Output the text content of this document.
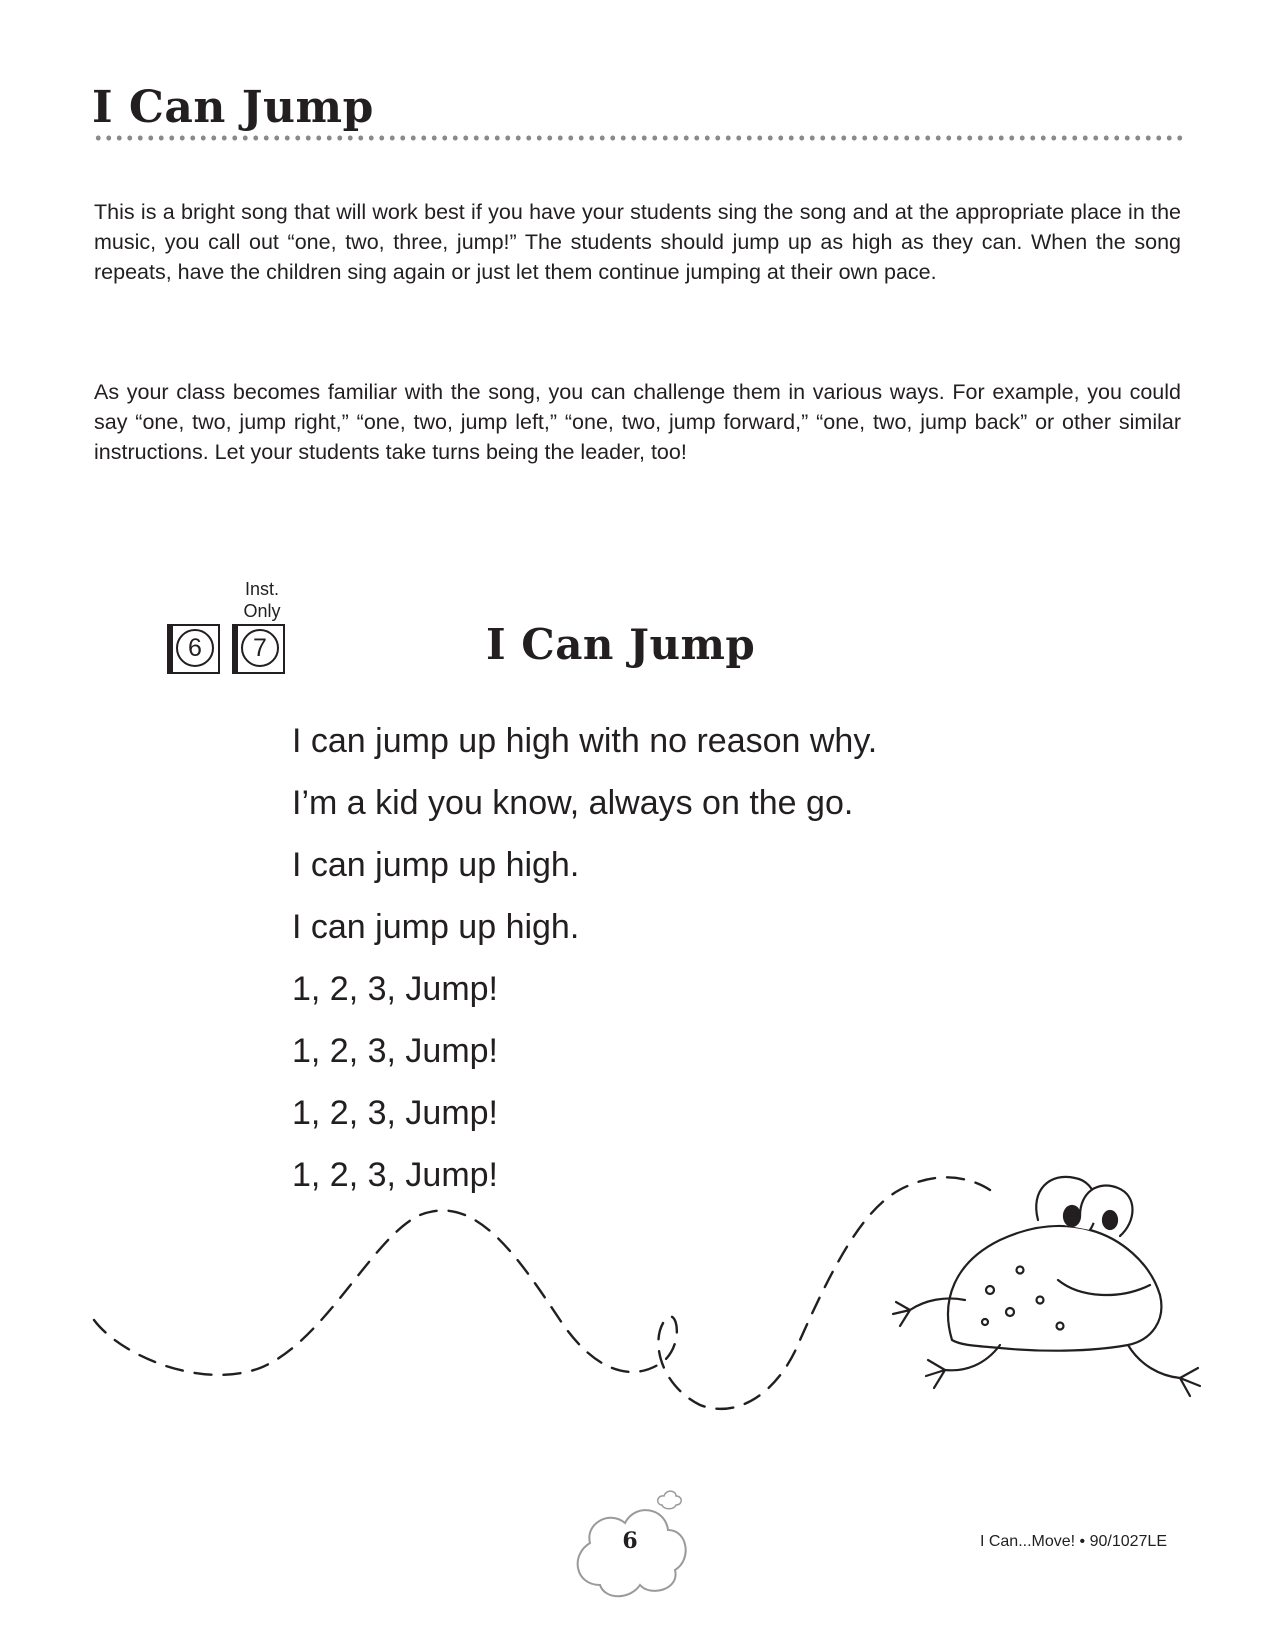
I Can Jump

This is a bright song that will work best if you have your students sing the song and at the appropriate place in the music, you call out “one, two, three, jump!” The students should jump up as high as they can. When the song repeats, have the children sing again or just let them continue jumping at their own pace.

As your class becomes familiar with the song, you can challenge them in various ways. For example, you could say “one, two, jump right,” “one, two, jump left,” “one, two, jump forward,” “one, two, jump back” or other similar instructions. Let your students take turns being the leader, too!

Inst.
Only
6	7	I Can Jump
I can jump up high with no reason why.
I’m a kid you know, always on the go.
I can jump up high.
I can jump up high.
1, 2, 3, Jump!
1, 2, 3, Jump!
1, 2, 3, Jump!
1, 2, 3, Jump!
6	I Can...Move! • 90/1027LE
